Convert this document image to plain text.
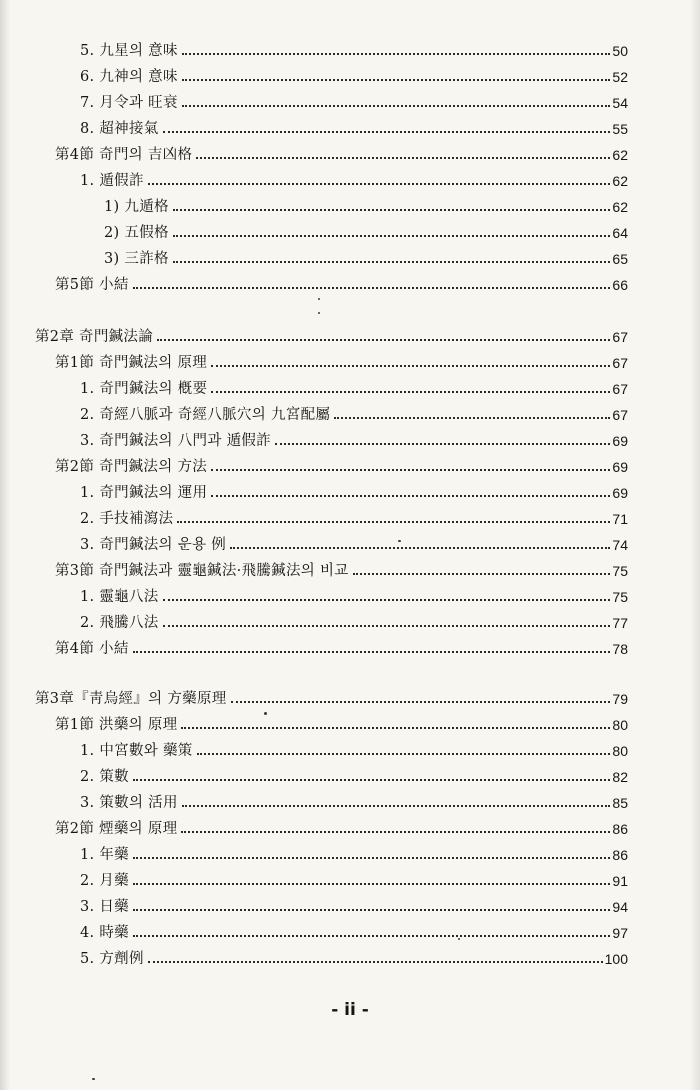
5. 九星의 意味	50
6. 九神의 意味	52
7. 月令과 旺衰	54
8. 超神接氣	55
第4節 奇門의 吉凶格	62
1. 遁假詐	62
1) 九遁格	62
2) 五假格	64
3) 三詐格	65
第5節 小結	66
第2章 奇門鍼法論	67
第1節 奇門鍼法의 原理	67
1. 奇門鍼法의 槪要	67
2. 奇經八脈과 奇經八脈穴의 九宮配屬	67
3. 奇門鍼法의 八門과 遁假詐	69
第2節 奇門鍼法의 方法	69
1. 奇門鍼法의 運用	69
2. 手技補瀉法	71
3. 奇門鍼法의 운용 例	74
第3節 奇門鍼法과 靈龜鍼法·飛騰鍼法의 비교	75
1. 靈龜八法	75
2. 飛騰八法	77
第4節 小結	78
第3章『靑烏經』의 方藥原理	79
第1節 洪藥의 原理	80
1. 中宮數와 藥策	80
2. 策數	82
3. 策數의 活用	85
第2節 煙藥의 原理	86
1. 年藥	86
2. 月藥	91
3. 日藥	94
4. 時藥	97
5. 方劑例	100
- ii -
